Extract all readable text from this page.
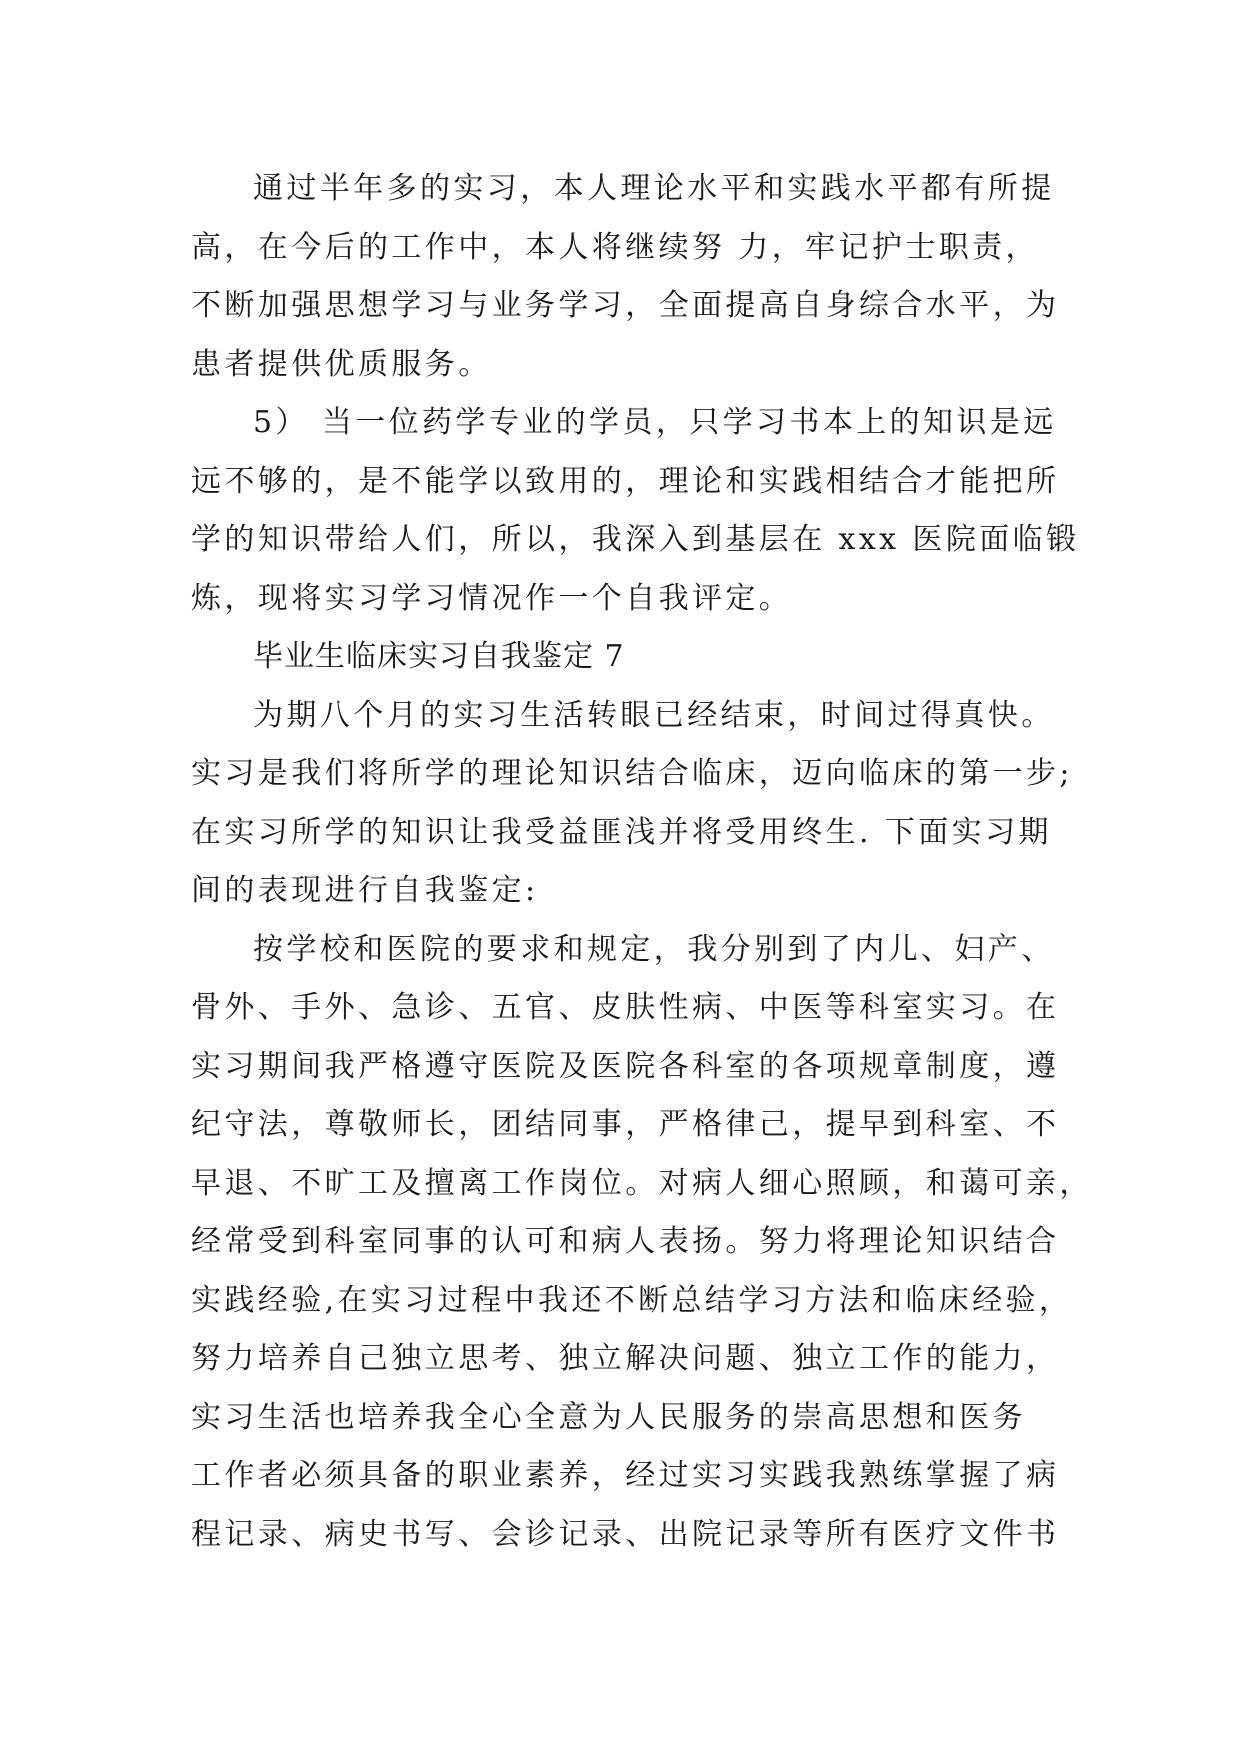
通过半年多的实习，本人理论水平和实践水平都有所提
高，在今后的工作中，本人将继续努 力，牢记护士职责，
不断加强思想学习与业务学习，全面提高自身综合水平，为
患者提供优质服务。
5） 当一位药学专业的学员，只学习书本上的知识是远
远不够的，是不能学以致用的，理论和实践相结合才能把所
学的知识带给人们，所以，我深入到基层在 xxx 医院面临锻
炼，现将实习学习情况作一个自我评定。
毕业生临床实习自我鉴定 7
为期八个月的实习生活转眼已经结束，时间过得真快。
实习是我们将所学的理论知识结合临床，迈向临床的第一步;
在实习所学的知识让我受益匪浅并将受用终生. 下面实习期
间的表现进行自我鉴定:
按学校和医院的要求和规定，我分别到了内儿、妇产、
骨外、手外、急诊、五官、皮肤性病、中医等科室实习。在
实习期间我严格遵守医院及医院各科室的各项规章制度，遵
纪守法，尊敬师长，团结同事，严格律己，提早到科室、不
早退、不旷工及擅离工作岗位。对病人细心照顾，和蔼可亲，
经常受到科室同事的认可和病人表扬。努力将理论知识结合
实践经验,在实习过程中我还不断总结学习方法和临床经验，
努力培养自己独立思考、独立解决问题、独立工作的能力，
实习生活也培养我全心全意为人民服务的崇高思想和医务
工作者必须具备的职业素养，经过实习实践我熟练掌握了病
程记录、病史书写、会诊记录、出院记录等所有医疗文件书
